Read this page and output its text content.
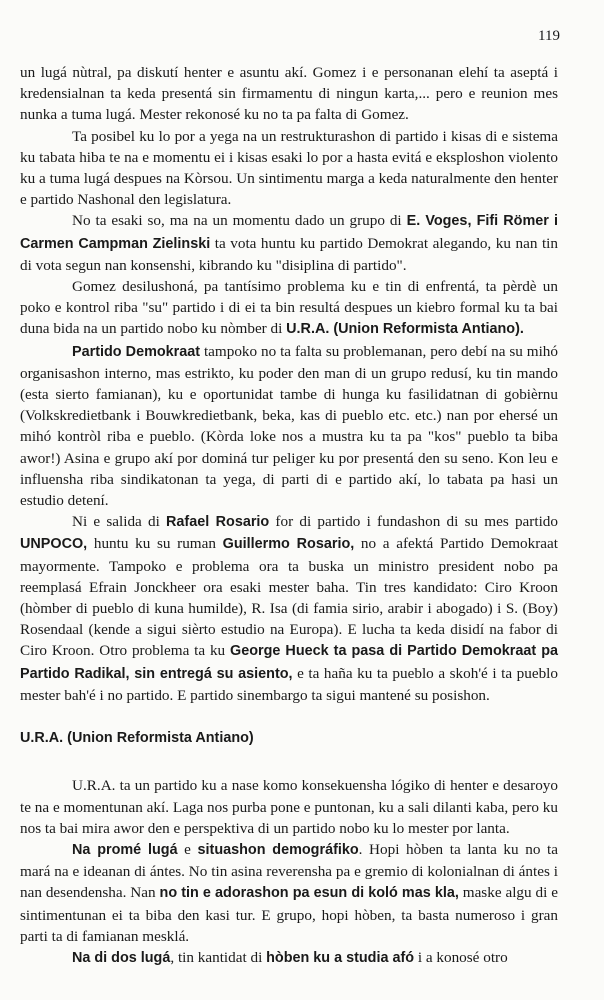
119

un lugá nùtral, pa diskutí henter e asuntu akí. Gomez i e personanan elehí ta aseptá i kredensialnan ta keda presentá sin firmamentu di ningun karta,... pero e reunion mes nunka a tuma lugá. Mester rekonosé ku no ta pa falta di Gomez.

Ta posibel ku lo por a yega na un restrukturashon di partido i kisas di e sistema ku tabata hiba te na e momentu ei i kisas esaki lo por a hasta evitá e eksploshon violento ku a tuma lugá despues na Kòrsou. Un sintimentu marga a keda naturalmente den henter e partido Nashonal den legislatura.

No ta esaki so, ma na un momentu dado un grupo di E. Voges, Fifi Römer i Carmen Campman Zielinski ta vota huntu ku partido Demokrat alegando, ku nan tin di vota segun nan konsenshi, kibrando ku "disiplina di partido".

Gomez desilushoná, pa tantísimo problema ku e tin di enfrentá, ta pèrdè un poko e kontrol riba "su" partido i di ei ta bin resultá despues un kiebro formal ku ta bai duna bida na un partido nobo ku nòmber di U.R.A. (Union Reformista Antiano).

Partido Demokraat tampoko no ta falta su problemanan, pero debí na su mihó organisashon interno, mas estrikto, ku poder den man di un grupo redusí, ku tin mando (esta sierto famianan), ku e oportunidat tambe di hunga ku fasilidatnan di gobièrnu (Volkskredietbank i Bouwkredietbank, beka, kas di pueblo etc. etc.) nan por ehersé un mihó kontròl riba e pueblo. (Kòrda loke nos a mustra ku ta pa "kos" pueblo ta biba awor!) Asina e grupo akí por dominá tur peliger ku por presentá den su seno. Kon leu e influensha riba sindikatonan ta yega, di parti di e partido akí, lo tabata pa hasi un estudio detení.

Ni e salida di Rafael Rosario for di partido i fundashon di su mes partido UNPOCO, huntu ku su ruman Guillermo Rosario, no a afektá Partido Demokraat mayormente. Tampoko e problema ora ta buska un ministro president nobo pa reemplasá Efrain Jonckheer ora esaki mester baha. Tin tres kandidato: Ciro Kroon (hòmber di pueblo di kuna humilde), R. Isa (di famia sirio, arabir i abogado) i S. (Boy) Rosendaal (kende a sigui sièrto estudio na Europa). E lucha ta keda disidí na fabor di Ciro Kroon. Otro problema ta ku George Hueck ta pasa di Partido Demokraat pa Partido Radikal, sin entregá su asiento, e ta haña ku ta pueblo a skoh'é i ta pueblo mester bah'é i no partido. E partido sinembargo ta sigui mantené su posishon.

U.R.A. (Union Reformista Antiano)

U.R.A. ta un partido ku a nase komo konsekuensha lógiko di henter e desaroyo te na e momentunan akí. Laga nos purba pone e puntonan, ku a sali dilanti kaba, pero ku nos ta bai mira awor den e perspektiva di un partido nobo ku lo mester por lanta.

Na promé lugá e situashon demográfiko. Hopi hòben ta lanta ku no ta mará na e ideanan di ántes. No tin asina reverensha pa e gremio di kolonialnan di ántes i nan desendensha. Nan no tin e adorashon pa esun di koló mas kla, maske algu di e sintimentunan ei ta biba den kasi tur. E grupo, hopi hòben, ta basta numeroso i gran parti ta di famianan mesklá.

Na di dos lugá, tin kantidat di hòben ku a studia afó i a konosé otro
